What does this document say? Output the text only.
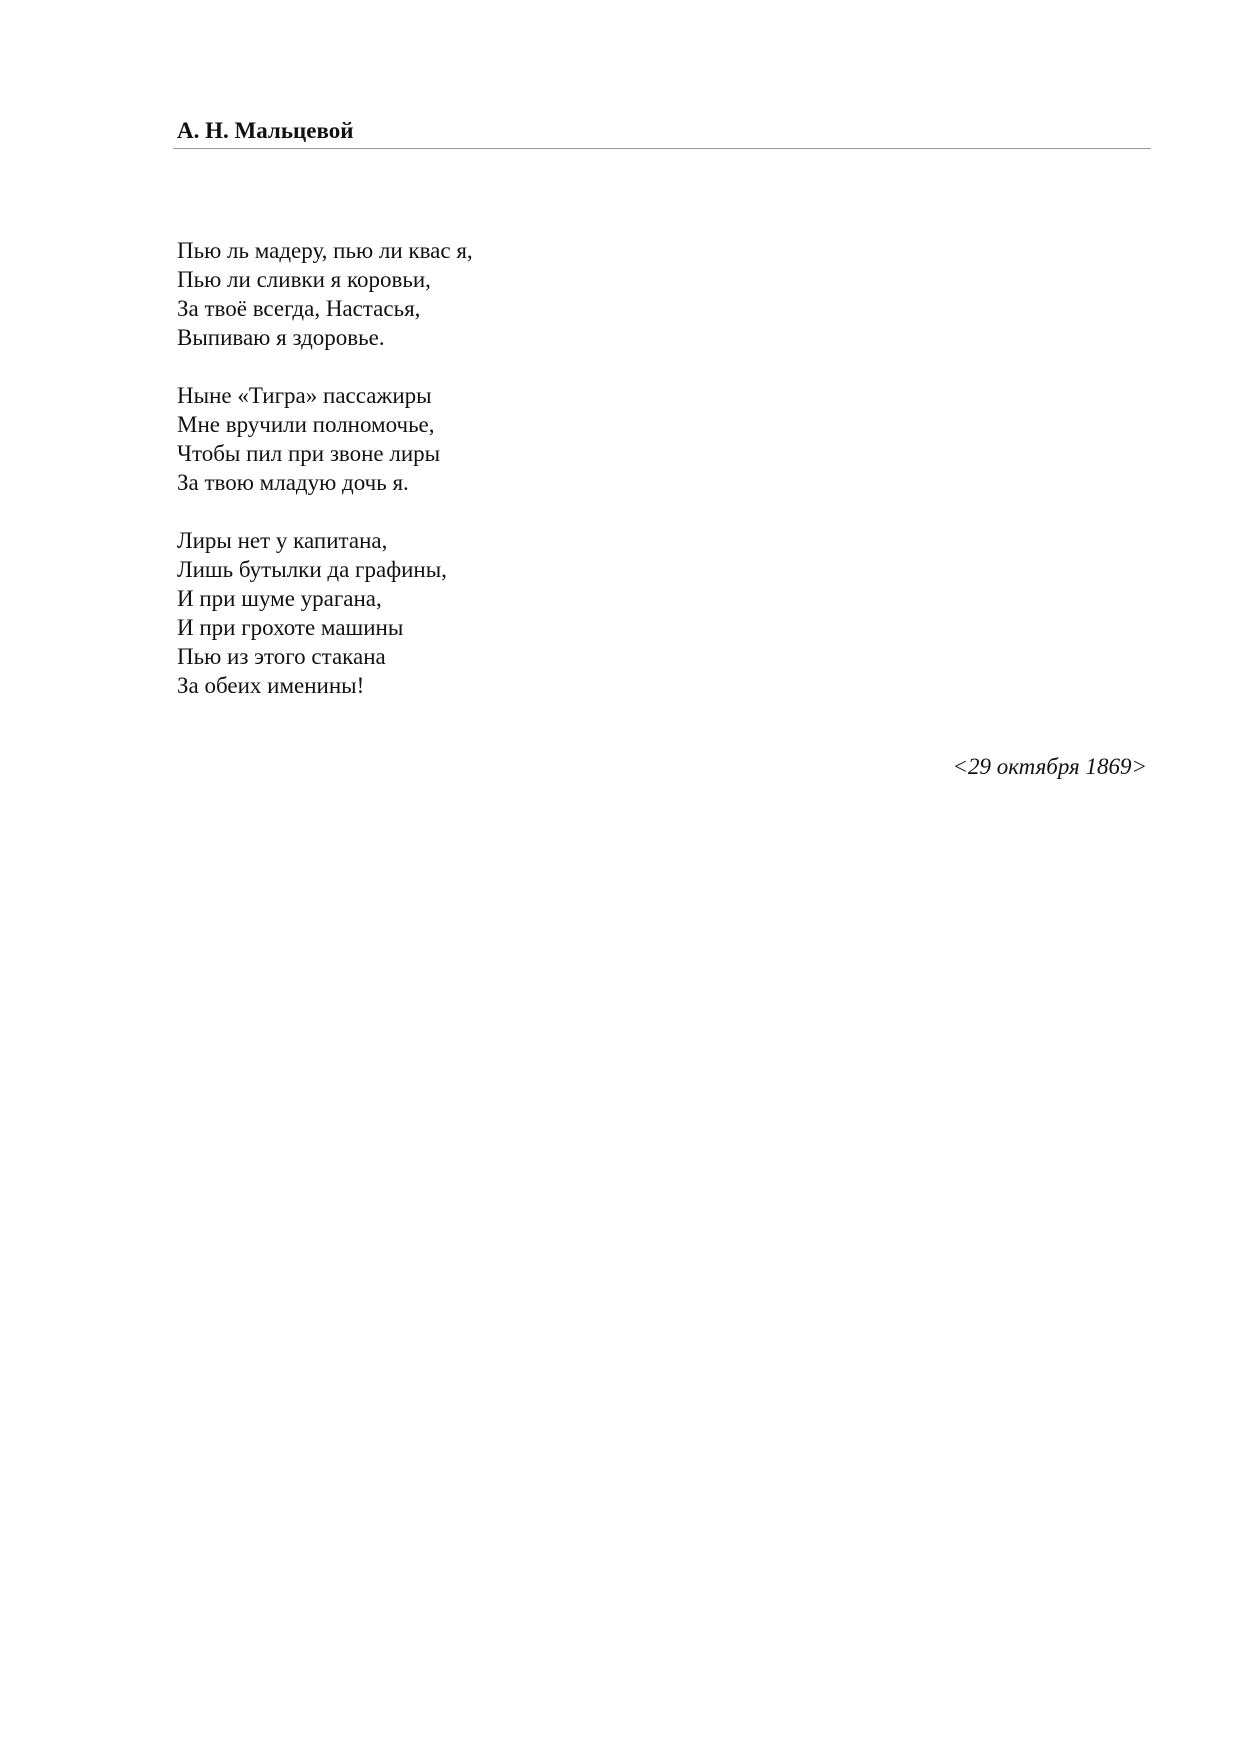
А. Н. Мальцевой
Пью ль мадеру, пью ли квас я,
Пью ли сливки я коровьи,
За твоё всегда, Настасья,
Выпиваю я здоровье.
Ныне «Тигра» пассажиры
Мне вручили полномочье,
Чтобы пил при звоне лиры
За твою младую дочь я.
Лиры нет у капитана,
Лишь бутылки да графины,
И при шуме урагана,
И при грохоте машины
Пью из этого стакана
За обеих именины!
<29 октября 1869>
